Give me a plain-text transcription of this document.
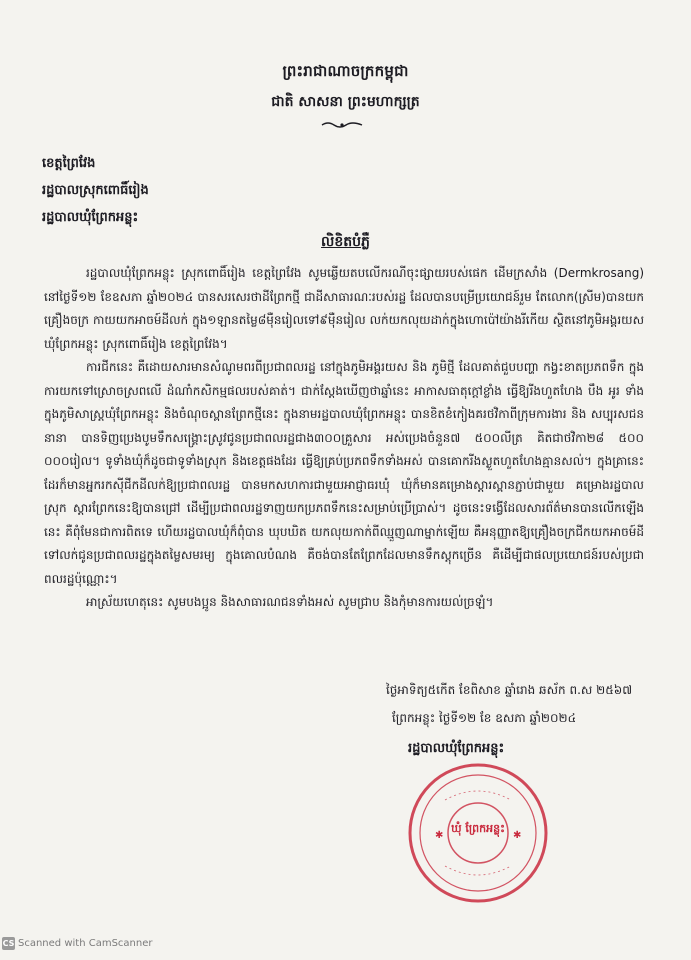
ព្រះរាជាណាចក្រកម្ពុជា
ជាតិ សាសនា ព្រះមហាក្សត្រ
ខេត្តព្រៃវែង
រដ្ឋបាលស្រុកពោធិ៍រៀង
រដ្ឋបាលឃុំព្រែកអន្លុះ
លិខិតបំភ្លឺ

រដ្ឋបាលឃុំព្រែកអន្លុះ ស្រុកពោធិ៍រៀង ខេត្តព្រៃវែង សូមឆ្លើយតបលើករណីចុះផ្សាយរបស់ផេក ដើមក្រសាំង (Dermkrosang) នៅថ្ងៃទី១២ ខែឧសភា ឆ្នាំ២០២៤ បានសរសេរថាដីព្រែកថ្មី ជាដីសាធារណៈរបស់រដ្ឋ ដែលបានបម្រើប្រយោជន៍រួម តែលោក(ស្រីម)បានយកគ្រឿងចក្រ កាយយកអាចម៍ដីលក់ ក្នុង១ឡានតម្លៃ៨ម៉ឺនរៀលទៅ៩ម៉ឺនរៀល លក់យកលុយដាក់ក្នុងហោប៉ៅយ៉ាងរីកើយ ស្ថិតនៅភូមិអង្គរយស ឃុំព្រែកអន្លុះ ស្រុកពោធិ៍រៀង ខេត្តព្រៃវែង។

ការជីកនេះ គឺដោយសារមានសំណូមពរពីប្រជាពលរដ្ឋ នៅក្នុងភូមិអង្គរយស និង ភូមិថ្មី ដែលគាត់ជួបបញ្ហា កង្វះខាតប្រភពទឹក ក្នុងការយកទៅស្រោចស្រពលើ ដំណាំកសិកម្មផលរបស់គាត់។ ជាក់ស្តែងឃើញថាឆ្នាំនេះ អាកាសធាតុក្តៅខ្លាំង ធ្វើឱ្យរីងហួតហែង បឹង អូរ ទាំងក្នុងភូមិសាស្ត្រឃុំព្រែកអន្លុះ និងចំណុចស្ពានព្រែកថ្មីនេះ ក្នុងនាមរដ្ឋបាលឃុំព្រែកអន្លុះ បានខិតខំកៀងគរថវិកាពីក្រុមការងារ និង សប្បុរសជននានា បានទិញប្រេងបូមទឹកសង្គ្រោះស្រូវជូនប្រជាពលរដ្ឋជាង៣០០គ្រួសារ អស់ប្រេងចំនួន៧ ៥០០លីត្រ គិតជាថវិកា២៨ ៥០០ ០០០រៀល។ ទូទាំងឃុំក៏ដូចជាទូទាំងស្រុក និងខេត្តផងដែរ ធ្វើឱ្យគ្រប់ប្រភពទឹកទាំងអស់ បានគោករីងស្ងួតហួតហែងគ្មានសល់។ ក្នុងគ្រានេះដែរក៏មានអ្នករកស៊ីជីកដីលក់ឱ្យប្រជាពលរដ្ឋ បានមកសហការជាមួយអាជ្ញាធរឃុំ ឃុំក៏មានគម្រោងស្តារស្ពានភ្ជាប់ជាមួយ គម្រោងរដ្ឋបាលស្រុក ស្តារព្រែកនេះឱ្យបានជ្រៅ ដើម្បីប្រជាពលរដ្ឋទាញយកប្រភពទឹកនេះសម្រាប់ប្រើប្រាស់។ ដូចនេះទង្វើដែលសារព័ត៌មានបានលើកឡើងនេះ គឺពុំមែនជាការពិតទេ ហើយរដ្ឋបាលឃុំក៏ពុំបាន ឃុបឃិត យកលុយកាក់ពីឈ្មួញណាម្នាក់ឡើយ គឺអនុញ្ញាតឱ្យគ្រឿងចក្រជីកយកអាចម៍ដី ទៅលក់ជូនប្រជាពលរដ្ឋក្នុងតម្លៃសមរម្យ ក្នុងគោលបំណង គឺចង់បានតែព្រែកដែលមានទឹកស្តុកច្រើន គឺដើម្បីជាផលប្រយោជន៍របស់ប្រជាពលរដ្ឋប៉ុណ្ណោះ។

អាស្រ័យហេតុនេះ សូមបងប្អូន និងសាធារណជនទាំងអស់ សូមជ្រាប និងកុំមានការយល់ច្រឡំ។

ថ្ងៃអាទិត្យ៥កើត ខែពិសាខ ឆ្នាំរោង ឆស័ក ព.ស ២៥៦៧
ព្រែកអន្លុះ ថ្ងៃទី១២ ខែ ឧសភា ឆ្នាំ២០២៤
រដ្ឋបាលឃុំព្រែកអន្លុះ
✱	✱
ឃុំ ព្រែកអន្លុះ
CS Scanned with CamScanner
